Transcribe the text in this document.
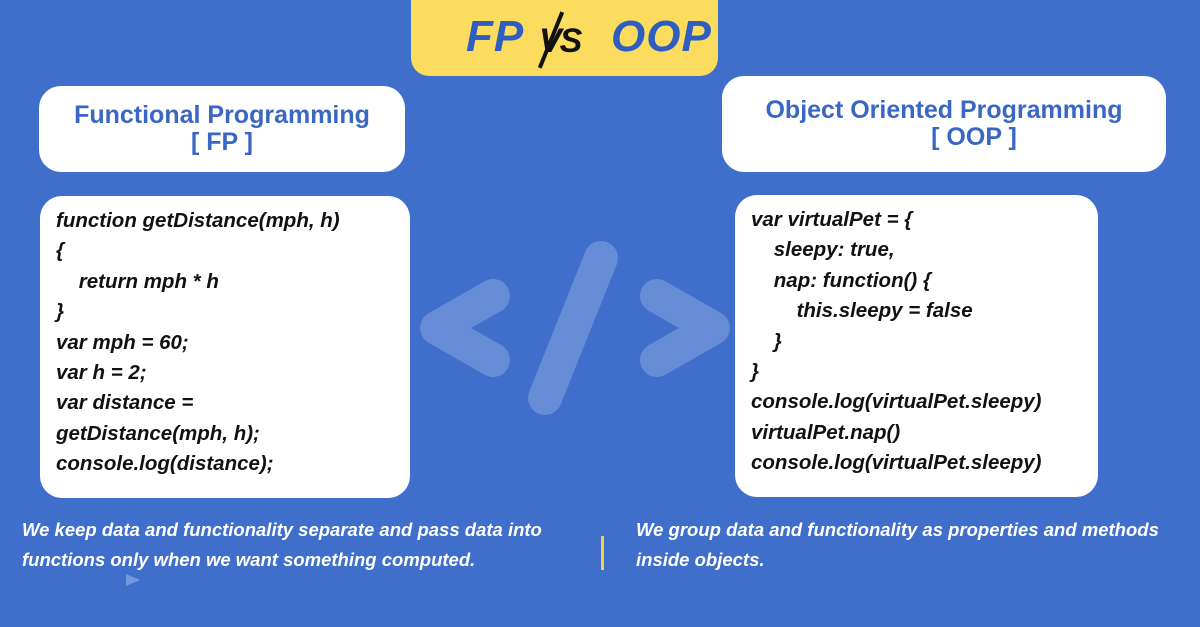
FP VS OOP
Functional Programming
[ FP ]
Object Oriented Programming
[ OOP ]
function getDistance(mph, h)
{
return mph * h
}
var mph = 60;
var h = 2;
var distance =
getDistance(mph, h);
console.log(distance);
var virtualPet = {
sleepy: true,
nap: function() {
this.sleepy = false
}
}
console.log(virtualPet.sleepy)
virtualPet.nap()
console.log(virtualPet.sleepy)
We keep data and functionality separate and pass data into functions only when we want something computed.
We group data and functionality as properties and methods inside objects.
